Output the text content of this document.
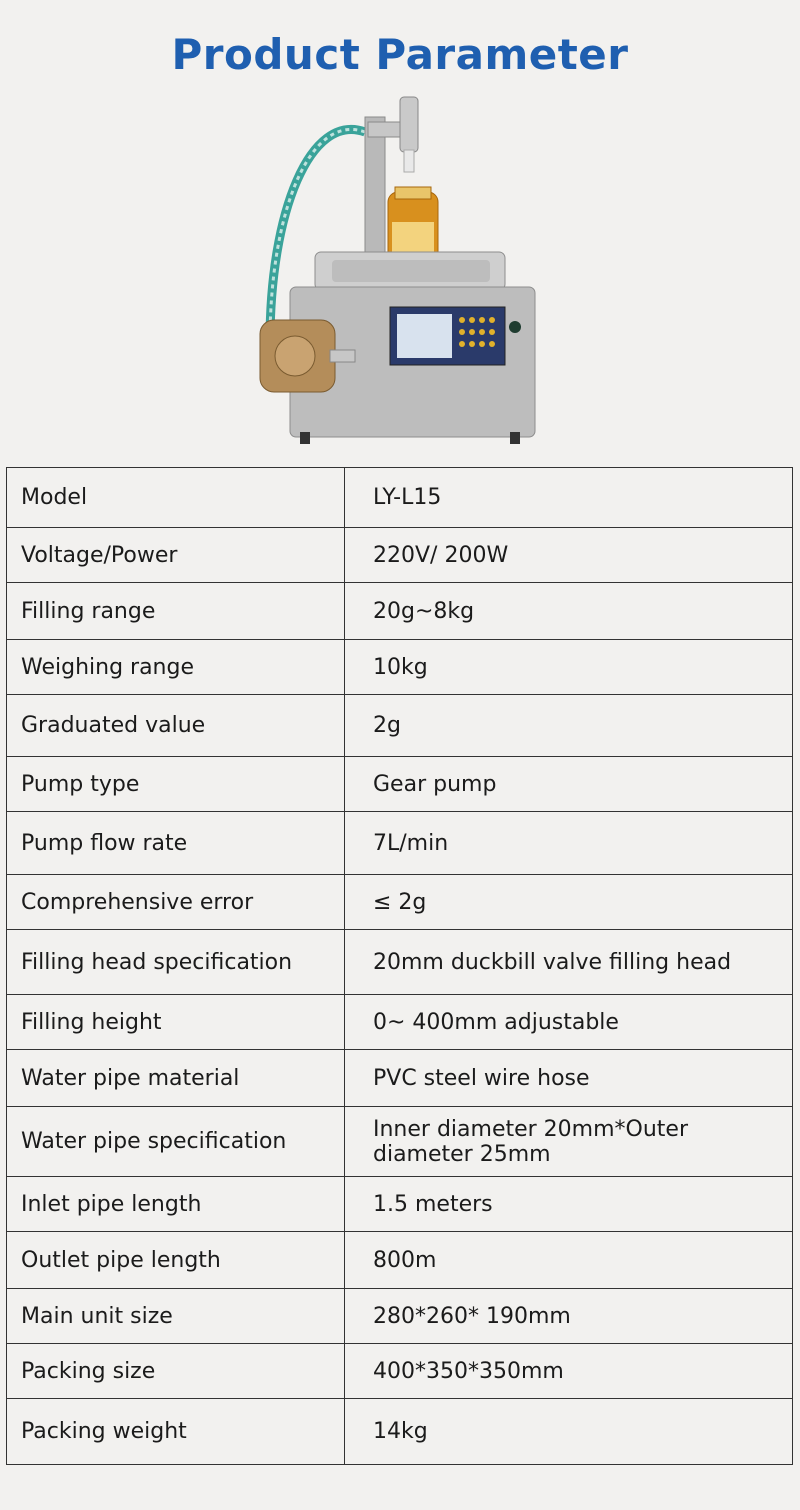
Product Parameter
Model	LY-L15
Voltage/Power	220V/ 200W
Filling range	20g~8kg
Weighing range	10kg
Graduated value	2g
Pump type	Gear pump
Pump flow rate	7L/min
Comprehensive error	≤ 2g
Filling head specification	20mm duckbill valve filling head
Filling height	0~ 400mm adjustable
Water pipe material	PVC steel wire hose
Water pipe specification	Inner diameter 20mm*Outer diameter 25mm
Inlet pipe length	1.5 meters
Outlet pipe length	800m
Main unit size	280*260* 190mm
Packing size	400*350*350mm
Packing weight	14kg
